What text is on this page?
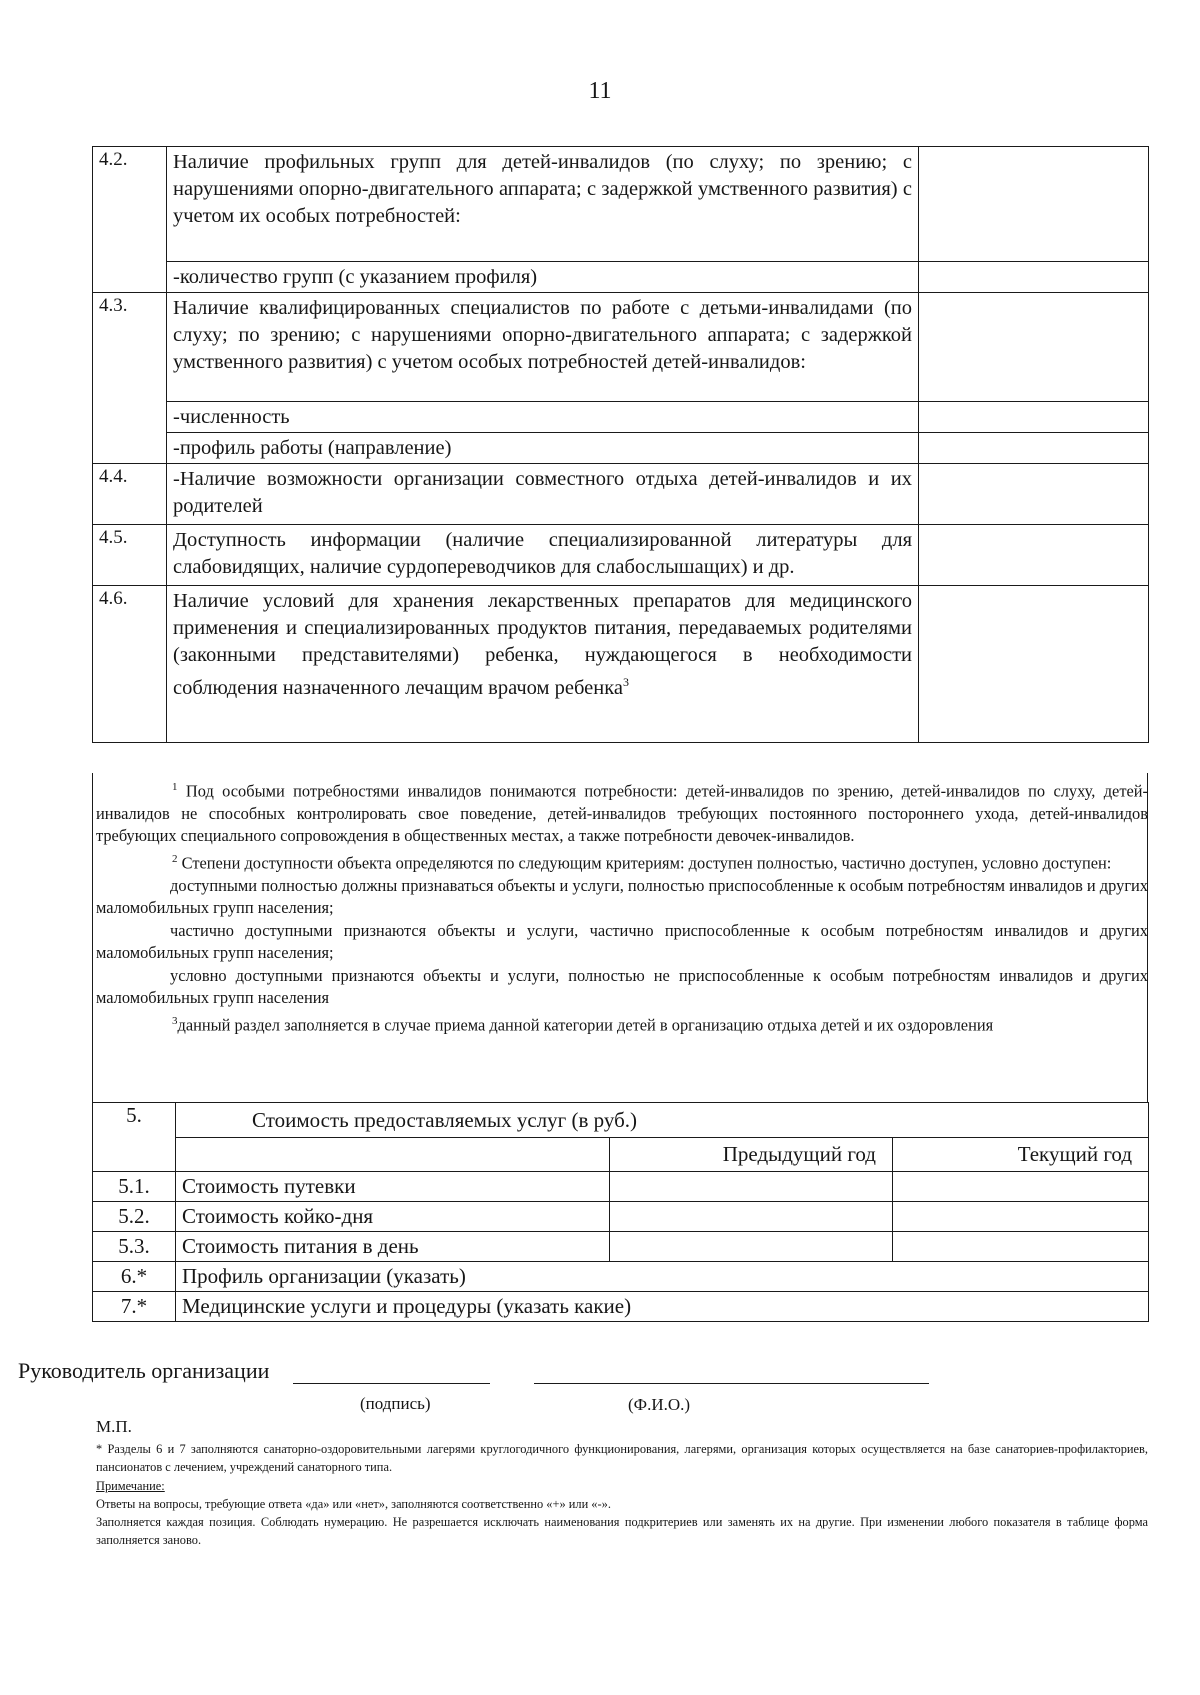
11
4.2.	Наличие профильных групп для детей-инвалидов (по слуху; по зрению; с нарушениями опорно-двигательного аппарата; с задержкой умственного развития) с учетом их особых потребностей:	
	-количество групп (с указанием профиля)	
4.3.	Наличие квалифицированных специалистов по работе с детьми-инвалидами (по слуху; по зрению; с нарушениями опорно-двигательного аппарата; с задержкой умственного развития) с учетом особых потребностей детей-инвалидов:	
	-численность	
	-профиль работы (направление)	
4.4.	-Наличие возможности организации совместного отдыха детей-инвалидов и их родителей	
4.5.	Доступность информации (наличие специализированной литературы для слабовидящих, наличие сурдопереводчиков для слабослышащих) и др.	
4.6.	Наличие условий для хранения лекарственных препаратов для медицинского применения и специализированных продуктов питания, передаваемых родителями (законными представителями) ребенка, нуждающегося в необходимости соблюдения назначенного лечащим врачом ребенка$^3$	

$^1$ Под особыми потребностями инвалидов понимаются потребности: детей-инвалидов по зрению, детей-инвалидов по слуху, детей-инвалидов не способных контролировать свое поведение, детей-инвалидов требующих постоянного постороннего ухода, детей-инвалидов требующих специального сопровождения в общественных местах, а также потребности девочек-инвалидов.

$^2$ Степени доступности объекта определяются по следующим критериям: доступен полностью, частично доступен, условно доступен:

доступными полностью должны признаваться объекты и услуги, полностью приспособленные к особым потребностям инвалидов и других маломобильных групп населения;

частично доступными признаются объекты и услуги, частично приспособленные к особым потребностям инвалидов и других маломобильных групп населения;

условно доступными признаются объекты и услуги, полностью не приспособленные к особым потребностям инвалидов и других маломобильных групп населения

$^3$данный раздел заполняется в случае приема данной категории детей в организацию отдыха детей и их оздоровления

5.	Стоимость предоставляемых услуг (в руб.)		
		Предыдущий год	Текущий год
5.1.	Стоимость путевки		
5.2.	Стоимость койко-дня		
5.3.	Стоимость питания в день		
6.*	Профиль организации (указать)		
7.*	Медицинские услуги и процедуры (указать какие)		
Руководитель организации
(подпись)	(Ф.И.О.)
М.П.
* Разделы 6 и 7 заполняются санаторно-оздоровительными лагерями круглогодичного функционирования, лагерями, организация которых осуществляется на базе санаториев-профилакториев, пансионатов с лечением, учреждений санаторного типа.
Примечание:
Ответы на вопросы, требующие ответа «да» или «нет», заполняются соответственно «+» или «-».
Заполняется каждая позиция. Соблюдать нумерацию. Не разрешается исключать наименования подкритериев или заменять их на другие. При изменении любого показателя в таблице форма заполняется заново.
